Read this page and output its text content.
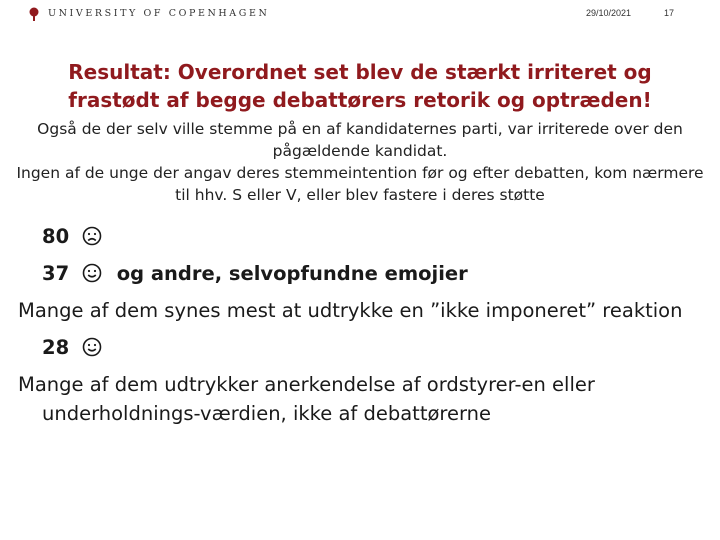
UNIVERSITY OF COPENHAGEN	29/10/2021	17
Resultat: Overordnet set blev de stærkt irriteret og frastødt af begge debattørers retorik og optræden!

Også de der selv ville stemme på en af kandidaternes parti, var irriterede over den pågældende kandidat.

Ingen af de unge der angav deres stemmeintention før og efter debatten, kom nærmere til hhv. S eller V, eller blev fastere i deres støtte

80
37 og andre, selvopfundne emojier
Mange af dem synes mest at udtrykke en ”ikke imponeret” reaktion
28
Mange af dem udtrykker anerkendelse af ordstyrer-en eller underholdnings-værdien, ikke af debattørerne
